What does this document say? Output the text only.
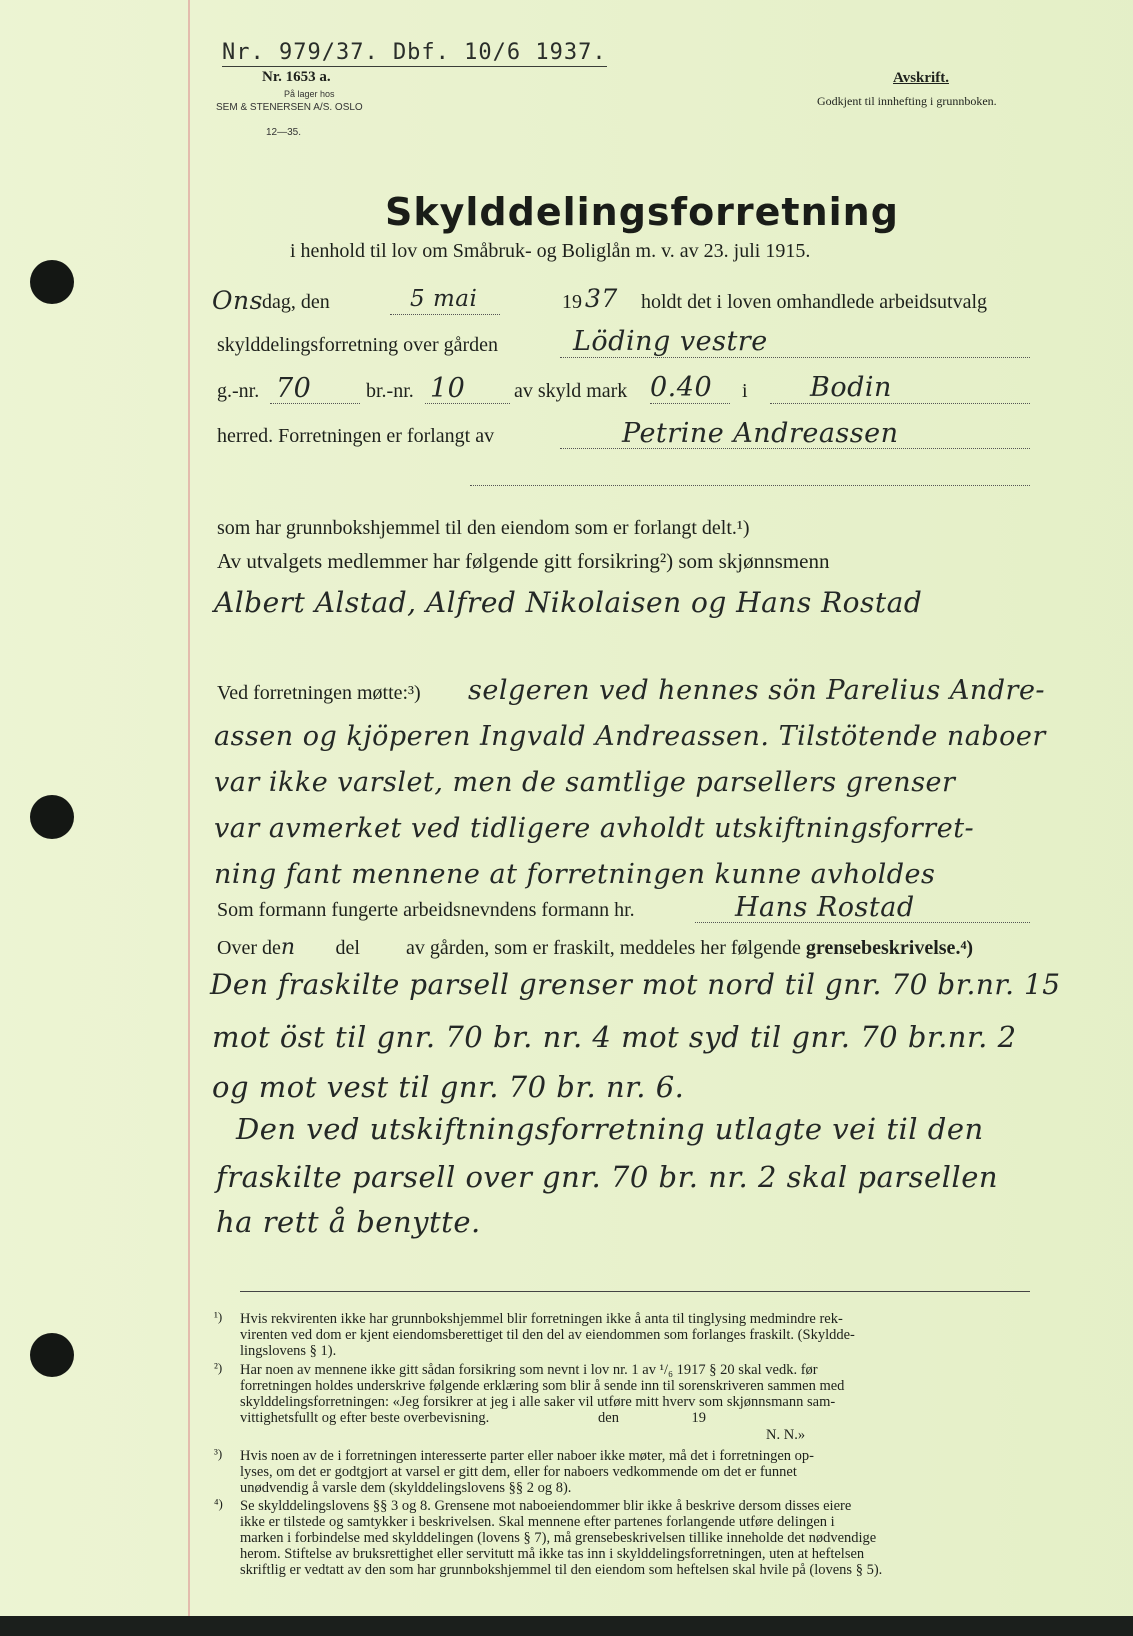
Nr. 979/37. Dbf. 10/6 1937.
Nr. 1653 a.
På lager hos
SEM & STENERSEN A/S. OSLO
12—35.
Avskrift.
Godkjent til innhefting i grunnboken.
Skylddelingsforretning
i henhold til lov om Småbruk- og Boliglån m. v. av 23. juli 1915.
Ons dag, den	5 mai	19 37 holdt det i loven omhandlede arbeidsutvalg
skylddelingsforretning over gården	Löding vestre
g.-nr. 70	br.-nr. 10 av skyld mark 0.40 i Bodin
herred. Forretningen er forlangt av	Petrine Andreassen
som har grunnbokshjemmel til den eiendom som er forlangt delt.¹)
Av utvalgets medlemmer har følgende gitt forsikring²) som skjønnsmenn
Albert Alstad, Alfred Nikolaisen og Hans Rostad
Ved forretningen møtte:³) selgeren ved hennes sön Parelius Andre-
assen og kjöperen Ingvald Andreassen. Tilstötende naboer
var ikke varslet, men de samtlige parsellers grenser
var avmerket ved tidligere avholdt utskiftningsforret-
ning fant mennene at forretningen kunne avholdes
Som formann fungerte arbeidsnevndens formann hr.	Hans Rostad
Over den del av gården, som er fraskilt, meddeles her følgende grensebeskrivelse.⁴)
Den fraskilte parsell grenser mot nord til gnr. 70 br.nr. 15
mot öst til gnr. 70 br. nr. 4 mot syd til gnr. 70 br.nr. 2
og mot vest til gnr. 70 br. nr. 6.
Den ved utskiftningsforretning utlagte vei til den
fraskilte parsell over gnr. 70 br. nr. 2 skal parsellen
ha rett å benytte.
¹) Hvis rekvirenten ikke har grunnbokshjemmel blir forretningen ikke å anta til tinglysing medmindre rek-
virenten ved dom er kjent eiendomsberettiget til den del av eiendommen som forlanges fraskilt. (Skyldde-
lingslovens § 1).
²) Har noen av mennene ikke gitt sådan forsikring som nevnt i lov nr. 1 av ¹/₆ 1917 § 20 skal vedk. før
forretningen holdes underskrive følgende erklæring som blir å sende inn til sorenskriveren sammen med
skylddelingsforretningen: «Jeg forsikrer at jeg i alle saker vil utføre mitt hverv som skjønnsmann sam-
vittighetsfullt og efter beste overbevisning.                              den                    19
N. N.»
³) Hvis noen av de i forretningen interesserte parter eller naboer ikke møter, må det i forretningen op-
lyses, om det er godtgjort at varsel er gitt dem, eller for naboers vedkommende om det er funnet
unødvendig å varsle dem (skylddelingslovens §§ 2 og 8).
⁴) Se skylddelingslovens §§ 3 og 8. Grensene mot naboeiendommer blir ikke å beskrive dersom disses eiere
ikke er tilstede og samtykker i beskrivelsen. Skal mennene efter partenes forlangende utføre delingen i
marken i forbindelse med skylddelingen (lovens § 7), må grensebeskrivelsen tillike inneholde det nødvendige
herom. Stiftelse av bruksrettighet eller servitutt må ikke tas inn i skylddelingsforretningen, uten at heftelsen
skriftlig er vedtatt av den som har grunnbokshjemmel til den eiendom som heftelsen skal hvile på (lovens § 5).
